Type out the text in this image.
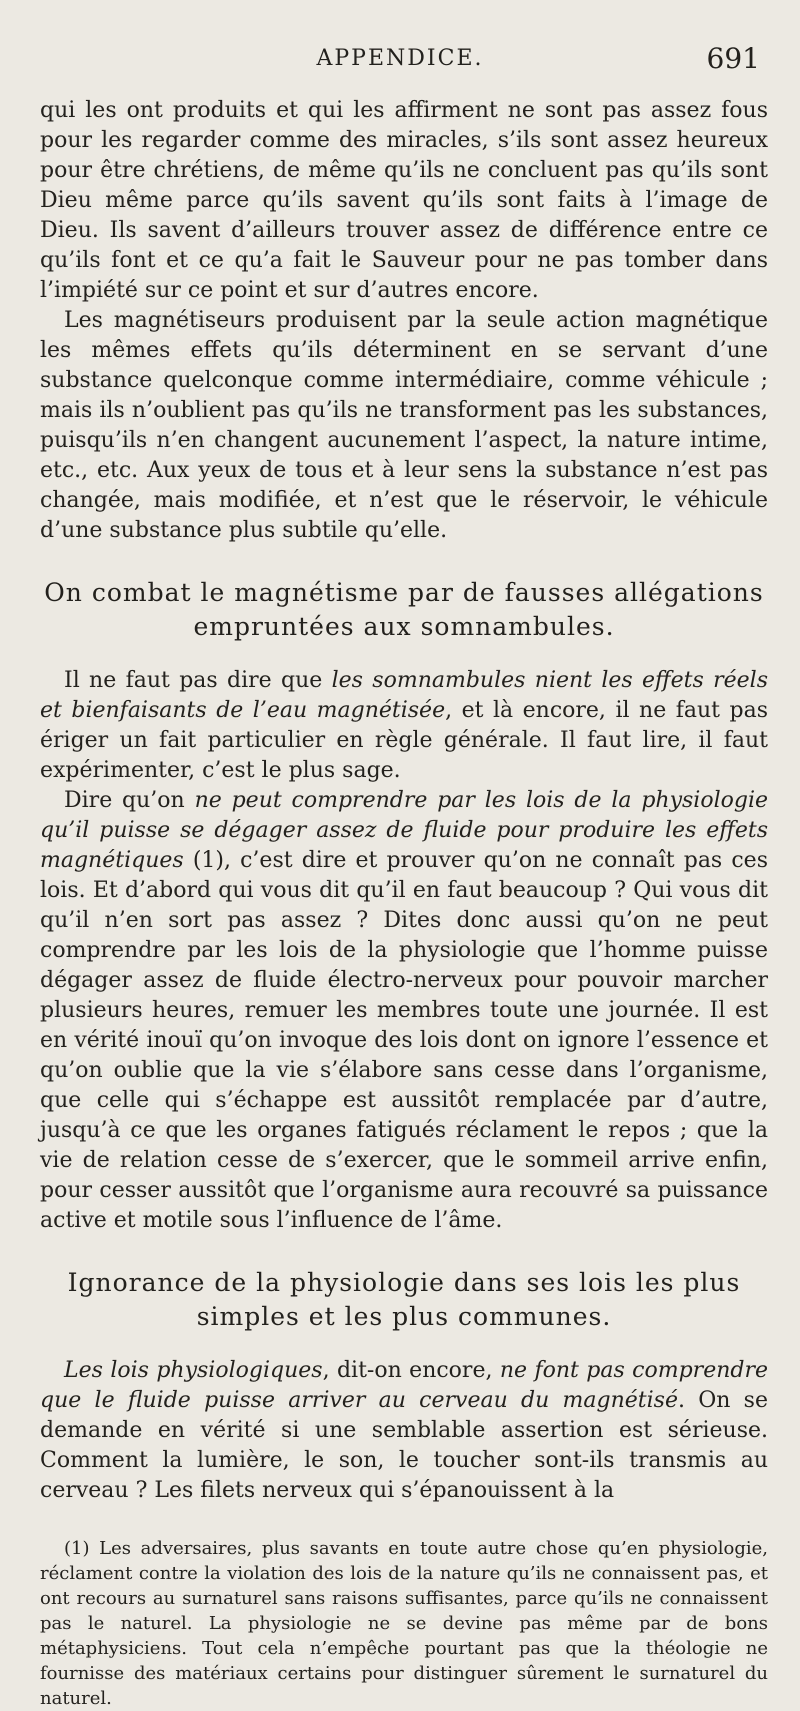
APPENDICE.	691

qui les ont produits et qui les affirment ne sont pas assez fous pour les regarder comme des miracles, s’ils sont assez heureux pour être chrétiens, de même qu’ils ne concluent pas qu’ils sont Dieu même parce qu’ils savent qu’ils sont faits à l’image de Dieu. Ils savent d’ailleurs trouver assez de différence entre ce qu’ils font et ce qu’a fait le Sauveur pour ne pas tomber dans l’impiété sur ce point et sur d’autres encore.

Les magnétiseurs produisent par la seule action magnétique les mêmes effets qu’ils déterminent en se servant d’une substance quelconque comme intermédiaire, comme véhicule ; mais ils n’oublient pas qu’ils ne transforment pas les substances, puisqu’ils n’en changent aucunement l’aspect, la nature intime, etc., etc. Aux yeux de tous et à leur sens la substance n’est pas changée, mais modifiée, et n’est que le réservoir, le véhicule d’une substance plus subtile qu’elle.

On combat le magnétisme par de fausses allégations empruntées aux somnambules.

Il ne faut pas dire que les somnambules nient les effets réels et bienfaisants de l’eau magnétisée, et là encore, il ne faut pas ériger un fait particulier en règle générale. Il faut lire, il faut expérimenter, c’est le plus sage.

Dire qu’on ne peut comprendre par les lois de la physiologie qu’il puisse se dégager assez de fluide pour produire les effets magnétiques (1), c’est dire et prouver qu’on ne connaît pas ces lois. Et d’abord qui vous dit qu’il en faut beaucoup ? Qui vous dit qu’il n’en sort pas assez ? Dites donc aussi qu’on ne peut comprendre par les lois de la physiologie que l’homme puisse dégager assez de fluide électro-nerveux pour pouvoir marcher plusieurs heures, remuer les membres toute une journée. Il est en vérité inouï qu’on invoque des lois dont on ignore l’essence et qu’on oublie que la vie s’élabore sans cesse dans l’organisme, que celle qui s’échappe est aussitôt remplacée par d’autre, jusqu’à ce que les organes fatigués réclament le repos ; que la vie de relation cesse de s’exercer, que le sommeil arrive enfin, pour cesser aussitôt que l’organisme aura recouvré sa puissance active et motile sous l’influence de l’âme.

Ignorance de la physiologie dans ses lois les plus simples et les plus communes.

Les lois physiologiques, dit-on encore, ne font pas comprendre que le fluide puisse arriver au cerveau du magnétisé. On se demande en vérité si une semblable assertion est sérieuse. Comment la lumière, le son, le toucher sont-ils transmis au cerveau ? Les filets nerveux qui s’épanouissent à la

(1) Les adversaires, plus savants en toute autre chose qu’en physiologie, réclament contre la violation des lois de la nature qu’ils ne connaissent pas, et ont recours au surnaturel sans raisons suffisantes, parce qu’ils ne connaissent pas le naturel. La physiologie ne se devine pas même par de bons métaphysiciens. Tout cela n’empêche pourtant pas que la théologie ne fournisse des matériaux certains pour distinguer sûrement le surnaturel du naturel.
